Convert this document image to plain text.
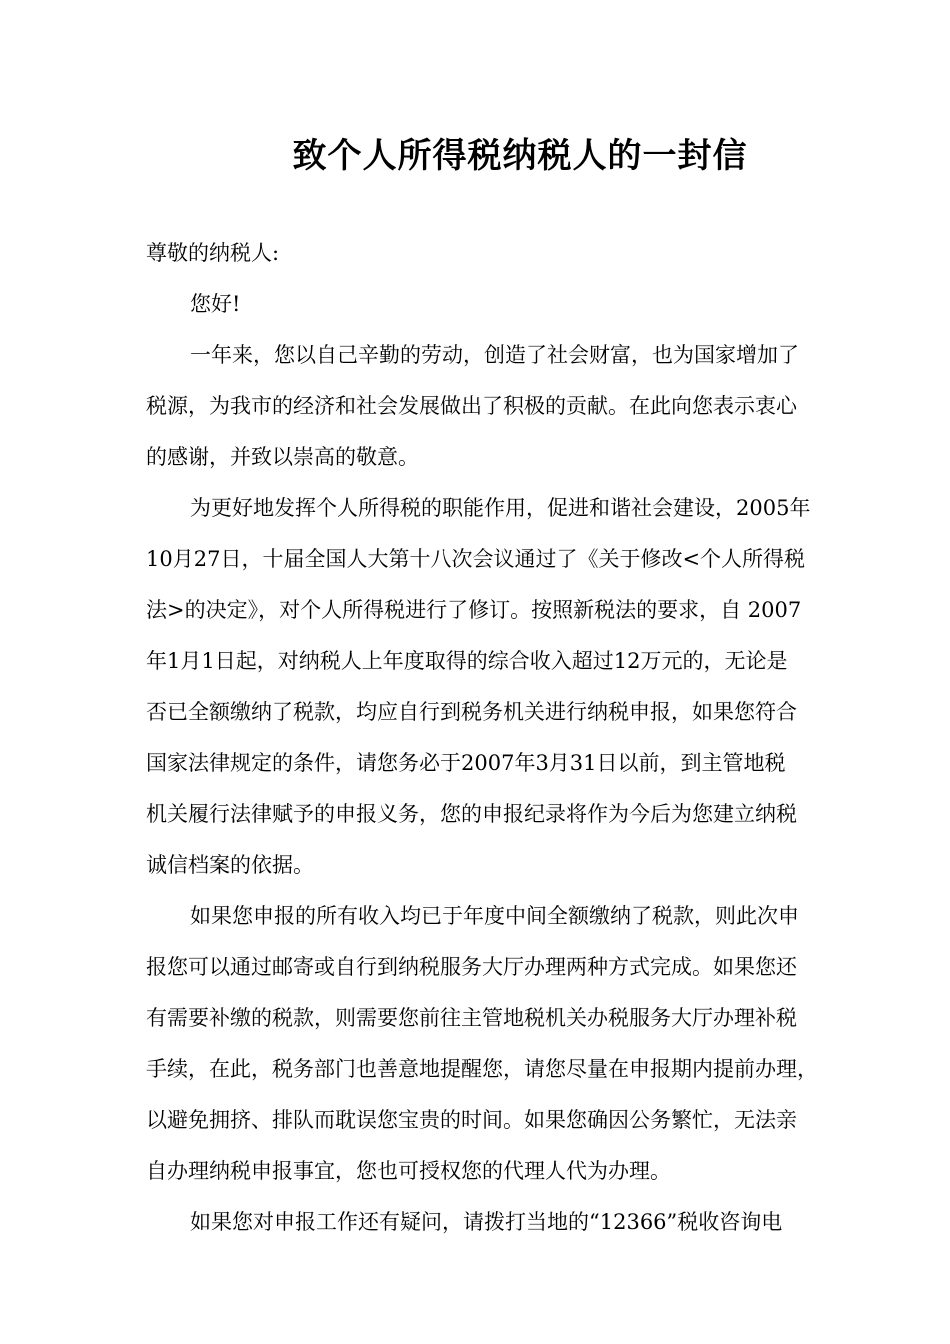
致个人所得税纳税人的一封信
尊敬的纳税人:
您好!
一年来，您以自己辛勤的劳动，创造了社会财富，也为国家增加了
税源，为我市的经济和社会发展做出了积极的贡献。在此向您表示衷心
的感谢，并致以崇高的敬意。
为更好地发挥个人所得税的职能作用，促进和谐社会建设，2005年
10月27日，十届全国人大第十八次会议通过了《关于修改<个人所得税
法>的决定》，对个人所得税进行了修订。按照新税法的要求，自 2007
年1月1日起，对纳税人上年度取得的综合收入超过12万元的，无论是
否已全额缴纳了税款，均应自行到税务机关进行纳税申报，如果您符合
国家法律规定的条件，请您务必于2007年3月31日以前，到主管地税
机关履行法律赋予的申报义务，您的申报纪录将作为今后为您建立纳税
诚信档案的依据。
如果您申报的所有收入均已于年度中间全额缴纳了税款，则此次申
报您可以通过邮寄或自行到纳税服务大厅办理两种方式完成。如果您还
有需要补缴的税款，则需要您前往主管地税机关办税服务大厅办理补税
手续，在此，税务部门也善意地提醒您，请您尽量在申报期内提前办理，
以避免拥挤、排队而耽误您宝贵的时间。如果您确因公务繁忙，无法亲
自办理纳税申报事宜，您也可授权您的代理人代为办理。
如果您对申报工作还有疑问，请拨打当地的“12366”税收咨询电
